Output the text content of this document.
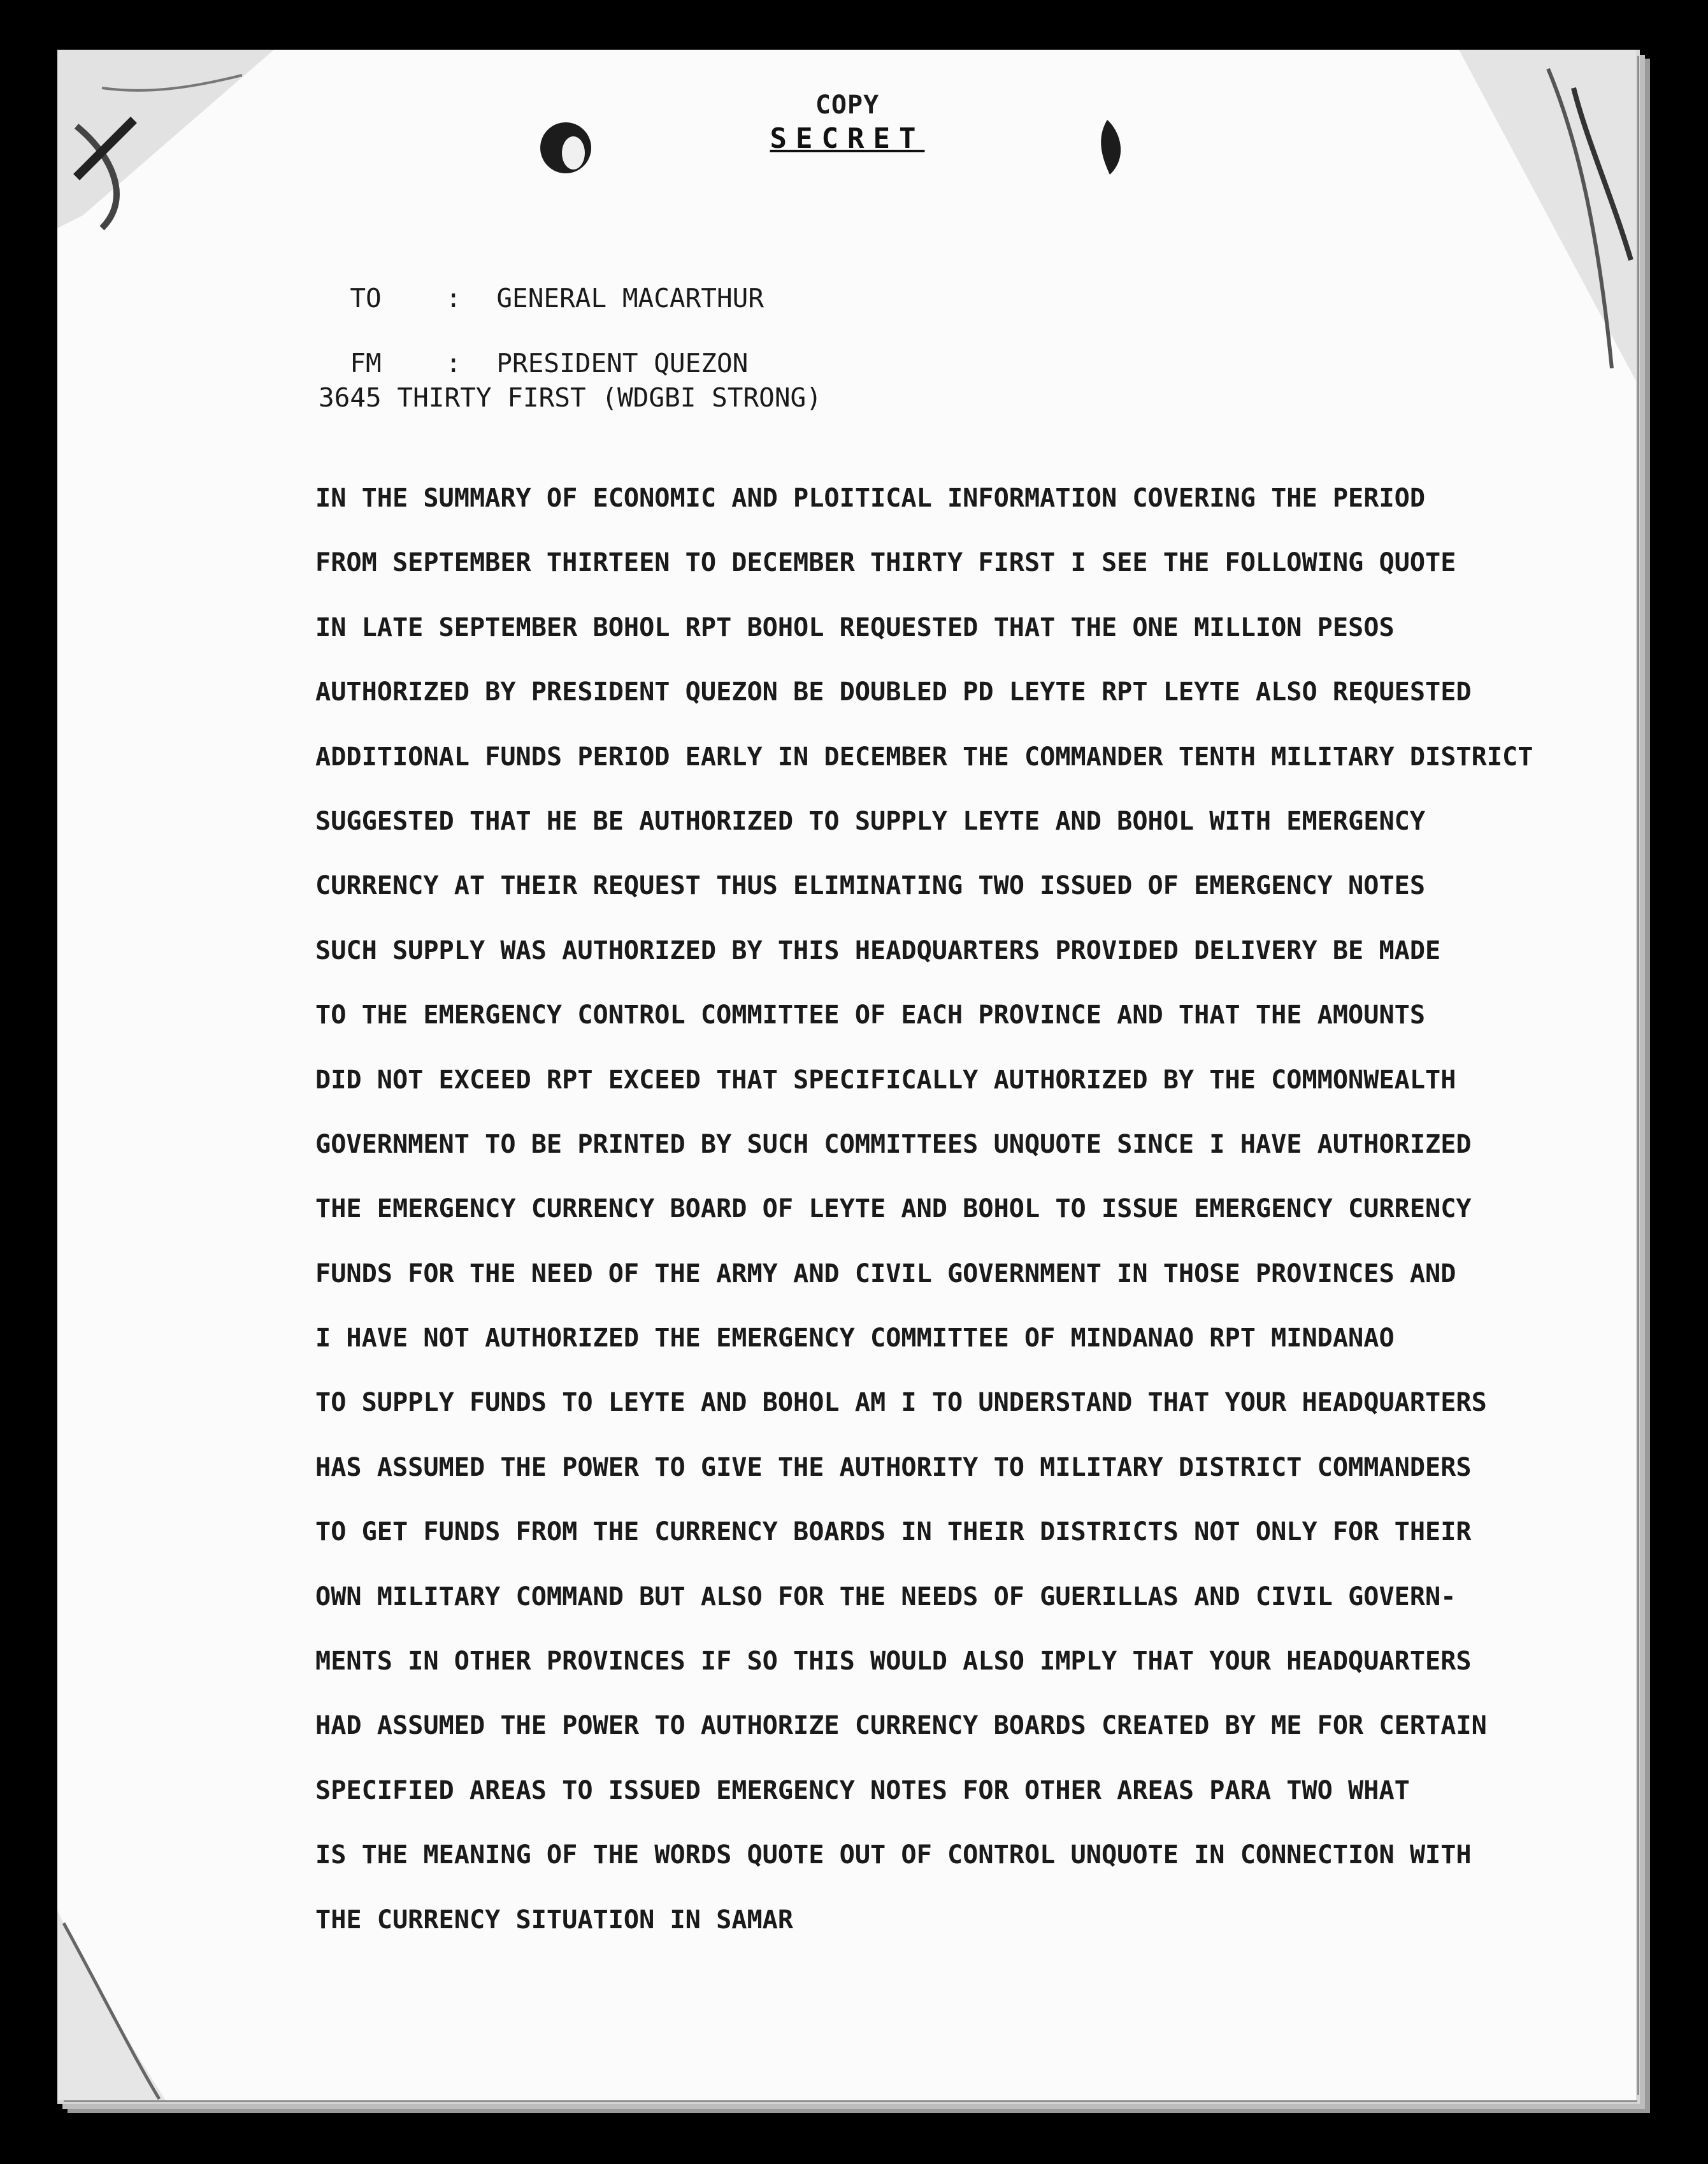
COPY
SECRET

TO : GENERAL MACARTHUR

FM : PRESIDENT QUEZON

3645 THIRTY FIRST (WDGBI STRONG)
IN THE SUMMARY OF ECONOMIC AND PLOITICAL INFORMATION COVERING THE PERIOD
FROM SEPTEMBER THIRTEEN TO DECEMBER THIRTY FIRST I SEE THE FOLLOWING QUOTE
IN LATE SEPTEMBER BOHOL RPT BOHOL REQUESTED THAT THE ONE MILLION PESOS
AUTHORIZED BY PRESIDENT QUEZON BE DOUBLED PD LEYTE RPT LEYTE ALSO REQUESTED
ADDITIONAL FUNDS PERIOD EARLY IN DECEMBER THE COMMANDER TENTH MILITARY DISTRICT
SUGGESTED THAT HE BE AUTHORIZED TO SUPPLY LEYTE AND BOHOL WITH EMERGENCY
CURRENCY AT THEIR REQUEST THUS ELIMINATING TWO ISSUED OF EMERGENCY NOTES
SUCH SUPPLY WAS AUTHORIZED BY THIS HEADQUARTERS PROVIDED DELIVERY BE MADE
TO THE EMERGENCY CONTROL COMMITTEE OF EACH PROVINCE AND THAT THE AMOUNTS
DID NOT EXCEED RPT EXCEED THAT SPECIFICALLY AUTHORIZED BY THE COMMONWEALTH
GOVERNMENT TO BE PRINTED BY SUCH COMMITTEES UNQUOTE SINCE I HAVE AUTHORIZED
THE EMERGENCY CURRENCY BOARD OF LEYTE AND BOHOL TO ISSUE EMERGENCY CURRENCY
FUNDS FOR THE NEED OF THE ARMY AND CIVIL GOVERNMENT IN THOSE PROVINCES AND
I HAVE NOT AUTHORIZED THE EMERGENCY COMMITTEE OF MINDANAO RPT MINDANAO
TO SUPPLY FUNDS TO LEYTE AND BOHOL AM I TO UNDERSTAND THAT YOUR HEADQUARTERS
HAS ASSUMED THE POWER TO GIVE THE AUTHORITY TO MILITARY DISTRICT COMMANDERS
TO GET FUNDS FROM THE CURRENCY BOARDS IN THEIR DISTRICTS NOT ONLY FOR THEIR
OWN MILITARY COMMAND BUT ALSO FOR THE NEEDS OF GUERILLAS AND CIVIL GOVERN-
MENTS IN OTHER PROVINCES IF SO THIS WOULD ALSO IMPLY THAT YOUR HEADQUARTERS
HAD ASSUMED THE POWER TO AUTHORIZE CURRENCY BOARDS CREATED BY ME FOR CERTAIN
SPECIFIED AREAS TO ISSUED EMERGENCY NOTES FOR OTHER AREAS PARA TWO WHAT
IS THE MEANING OF THE WORDS QUOTE OUT OF CONTROL UNQUOTE IN CONNECTION WITH
THE CURRENCY SITUATION IN SAMAR
